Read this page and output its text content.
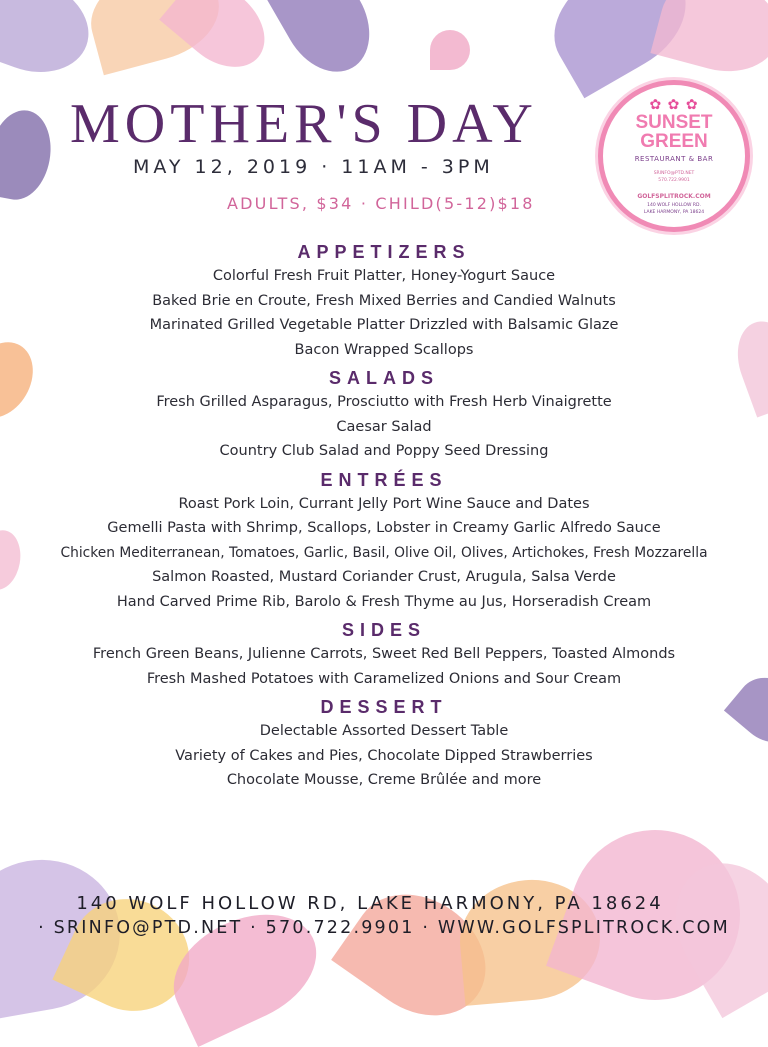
MOTHER'S DAY
MAY 12, 2019 · 11AM - 3PM
ADULTS, $34 · CHILD(5-12)$18
✿ ✿ ✿
SUNSET
GREEN
RESTAURANT & BAR
SRINFO@PTD.NET
570.722.9901
GOLFSPLITROCK.COM
140 WOLF HOLLOW RD.
LAKE HARMONY, PA 18624
APPETIZERS
Colorful Fresh Fruit Platter, Honey-Yogurt Sauce
Baked Brie en Croute, Fresh Mixed Berries and Candied Walnuts
Marinated Grilled Vegetable Platter Drizzled with Balsamic Glaze
Bacon Wrapped Scallops
SALADS
Fresh Grilled Asparagus, Prosciutto with Fresh Herb Vinaigrette
Caesar Salad
Country Club Salad and Poppy Seed Dressing
ENTRÉES
Roast Pork Loin, Currant Jelly Port Wine Sauce and Dates
Gemelli Pasta with Shrimp, Scallops, Lobster in Creamy Garlic Alfredo Sauce
Chicken Mediterranean, Tomatoes, Garlic, Basil, Olive Oil, Olives, Artichokes, Fresh Mozzarella
Salmon Roasted, Mustard Coriander Crust, Arugula, Salsa Verde
Hand Carved Prime Rib, Barolo & Fresh Thyme au Jus, Horseradish Cream
SIDES
French Green Beans, Julienne Carrots, Sweet Red Bell Peppers, Toasted Almonds
Fresh Mashed Potatoes with Caramelized Onions and Sour Cream
DESSERT
Delectable Assorted Dessert Table
Variety of Cakes and Pies, Chocolate Dipped Strawberries
Chocolate Mousse, Creme Brûlée and more
140 WOLF HOLLOW RD, LAKE HARMONY, PA 18624
· SRINFO@PTD.NET · 570.722.9901 · WWW.GOLFSPLITROCK.COM
